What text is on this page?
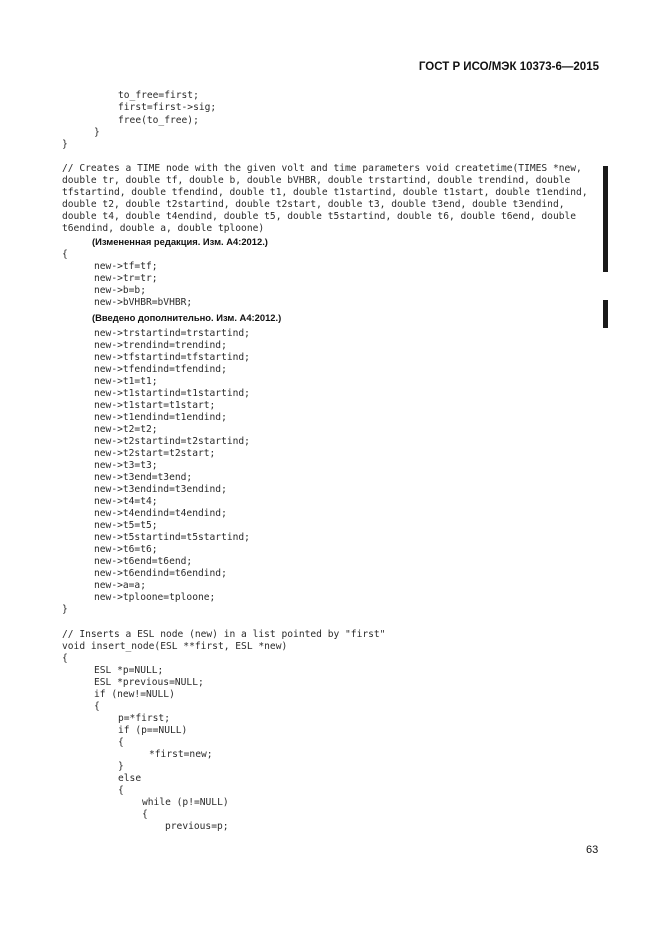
ГОСТ Р ИСО/МЭК 10373-6—2015
to_free=first;
first=first->sig;
free(to_free);
}
}
// Creates a TIME node with the given volt and time parameters void createtime(TIMES *new,
double tr, double tf, double b, double bVHBR, double trstartind, double trendind, double
tfstartind, double tfendind, double t1, double t1startind, double t1start, double t1endind,
double t2, double t2startind, double t2start, double t3, double t3end, double t3endind,
double t4, double t4endind, double t5, double t5startind, double t6, double t6end, double
t6endind, double a, double tploone)
(Измененная редакция. Изм. А4:2012.)
{
new->tf=tf;
new->tr=tr;
new->b=b;
new->bVHBR=bVHBR;
(Введено дополнительно. Изм. А4:2012.)
new->trstartind=trstartind;
new->trendind=trendind;
new->tfstartind=tfstartind;
new->tfendind=tfendind;
new->t1=t1;
new->t1startind=t1startind;
new->t1start=t1start;
new->t1endind=t1endind;
new->t2=t2;
new->t2startind=t2startind;
new->t2start=t2start;
new->t3=t3;
new->t3end=t3end;
new->t3endind=t3endind;
new->t4=t4;
new->t4endind=t4endind;
new->t5=t5;
new->t5startind=t5startind;
new->t6=t6;
new->t6end=t6end;
new->t6endind=t6endind;
new->a=a;
new->tploone=tploone;
}
// Inserts a ESL node (new) in a list pointed by "first"
void insert_node(ESL **first, ESL *new)
{
ESL *p=NULL;
ESL *previous=NULL;
if (new!=NULL)
{
p=*first;
if (p==NULL)
{
*first=new;
}
else
{
while (p!=NULL)
{
previous=p;
63
